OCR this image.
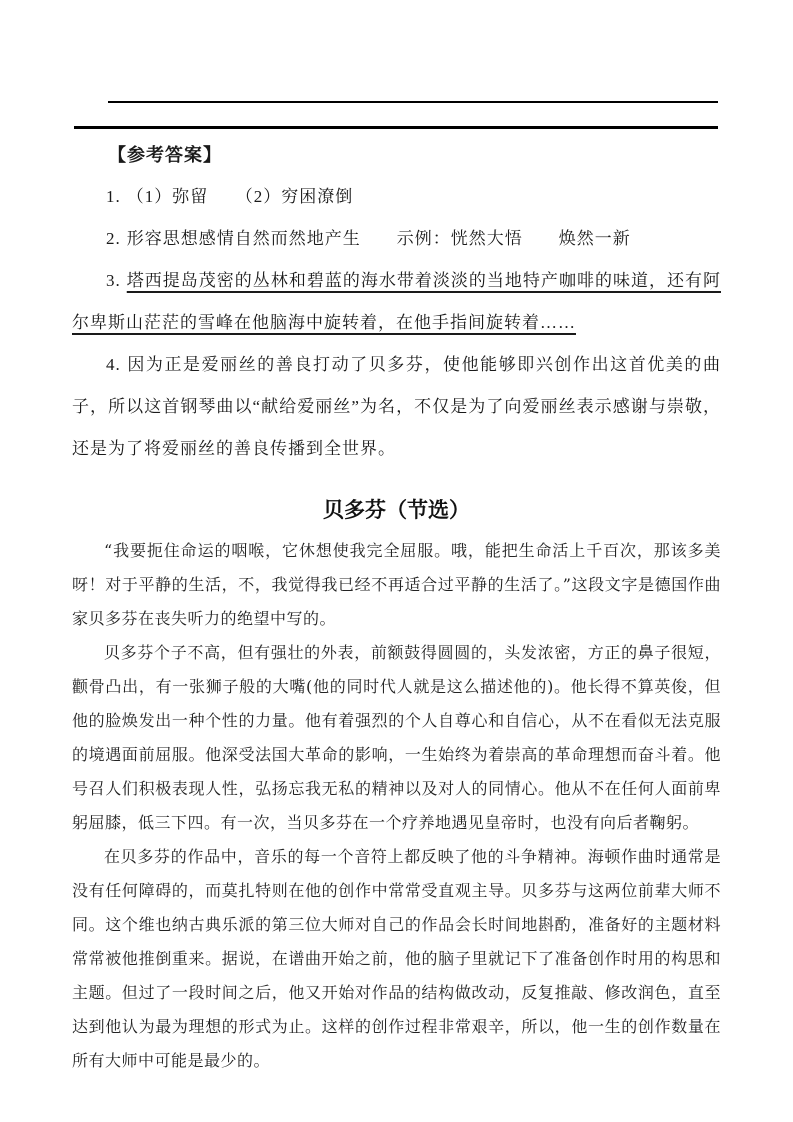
【参考答案】

1. （1）弥留　　（2）穷困潦倒

2. 形容思想感情自然而然地产生　　示例：恍然大悟　　焕然一新

3. 塔西提岛茂密的丛林和碧蓝的海水带着淡淡的当地特产咖啡的味道，还有阿尔卑斯山茫茫的雪峰在他脑海中旋转着，在他手指间旋转着……

4. 因为正是爱丽丝的善良打动了贝多芬，使他能够即兴创作出这首优美的曲子，所以这首钢琴曲以“献给爱丽丝”为名，不仅是为了向爱丽丝表示感谢与崇敬，还是为了将爱丽丝的善良传播到全世界。

贝多芬（节选）

“我要扼住命运的咽喉，它休想使我完全屈服。哦，能把生命活上千百次，那该多美呀！对于平静的生活，不，我觉得我已经不再适合过平静的生活了。”这段文字是德国作曲家贝多芬在丧失听力的绝望中写的。

贝多芬个子不高，但有强壮的外表，前额鼓得圆圆的，头发浓密，方正的鼻子很短，颧骨凸出，有一张狮子般的大嘴(他的同时代人就是这么描述他的)。他长得不算英俊，但他的脸焕发出一种个性的力量。他有着强烈的个人自尊心和自信心，从不在看似无法克服的境遇面前屈服。他深受法国大革命的影响，一生始终为着崇高的革命理想而奋斗着。他号召人们积极表现人性，弘扬忘我无私的精神以及对人的同情心。他从不在任何人面前卑躬屈膝，低三下四。有一次，当贝多芬在一个疗养地遇见皇帝时，也没有向后者鞠躬。

在贝多芬的作品中，音乐的每一个音符上都反映了他的斗争精神。海顿作曲时通常是没有任何障碍的，而莫扎特则在他的创作中常常受直观主导。贝多芬与这两位前辈大师不同。这个维也纳古典乐派的第三位大师对自己的作品会长时间地斟酌，准备好的主题材料常常被他推倒重来。据说，在谱曲开始之前，他的脑子里就记下了准备创作时用的构思和主题。但过了一段时间之后，他又开始对作品的结构做改动，反复推敲、修改润色，直至达到他认为最为理想的形式为止。这样的创作过程非常艰辛，所以，他一生的创作数量在所有大师中可能是最少的。
